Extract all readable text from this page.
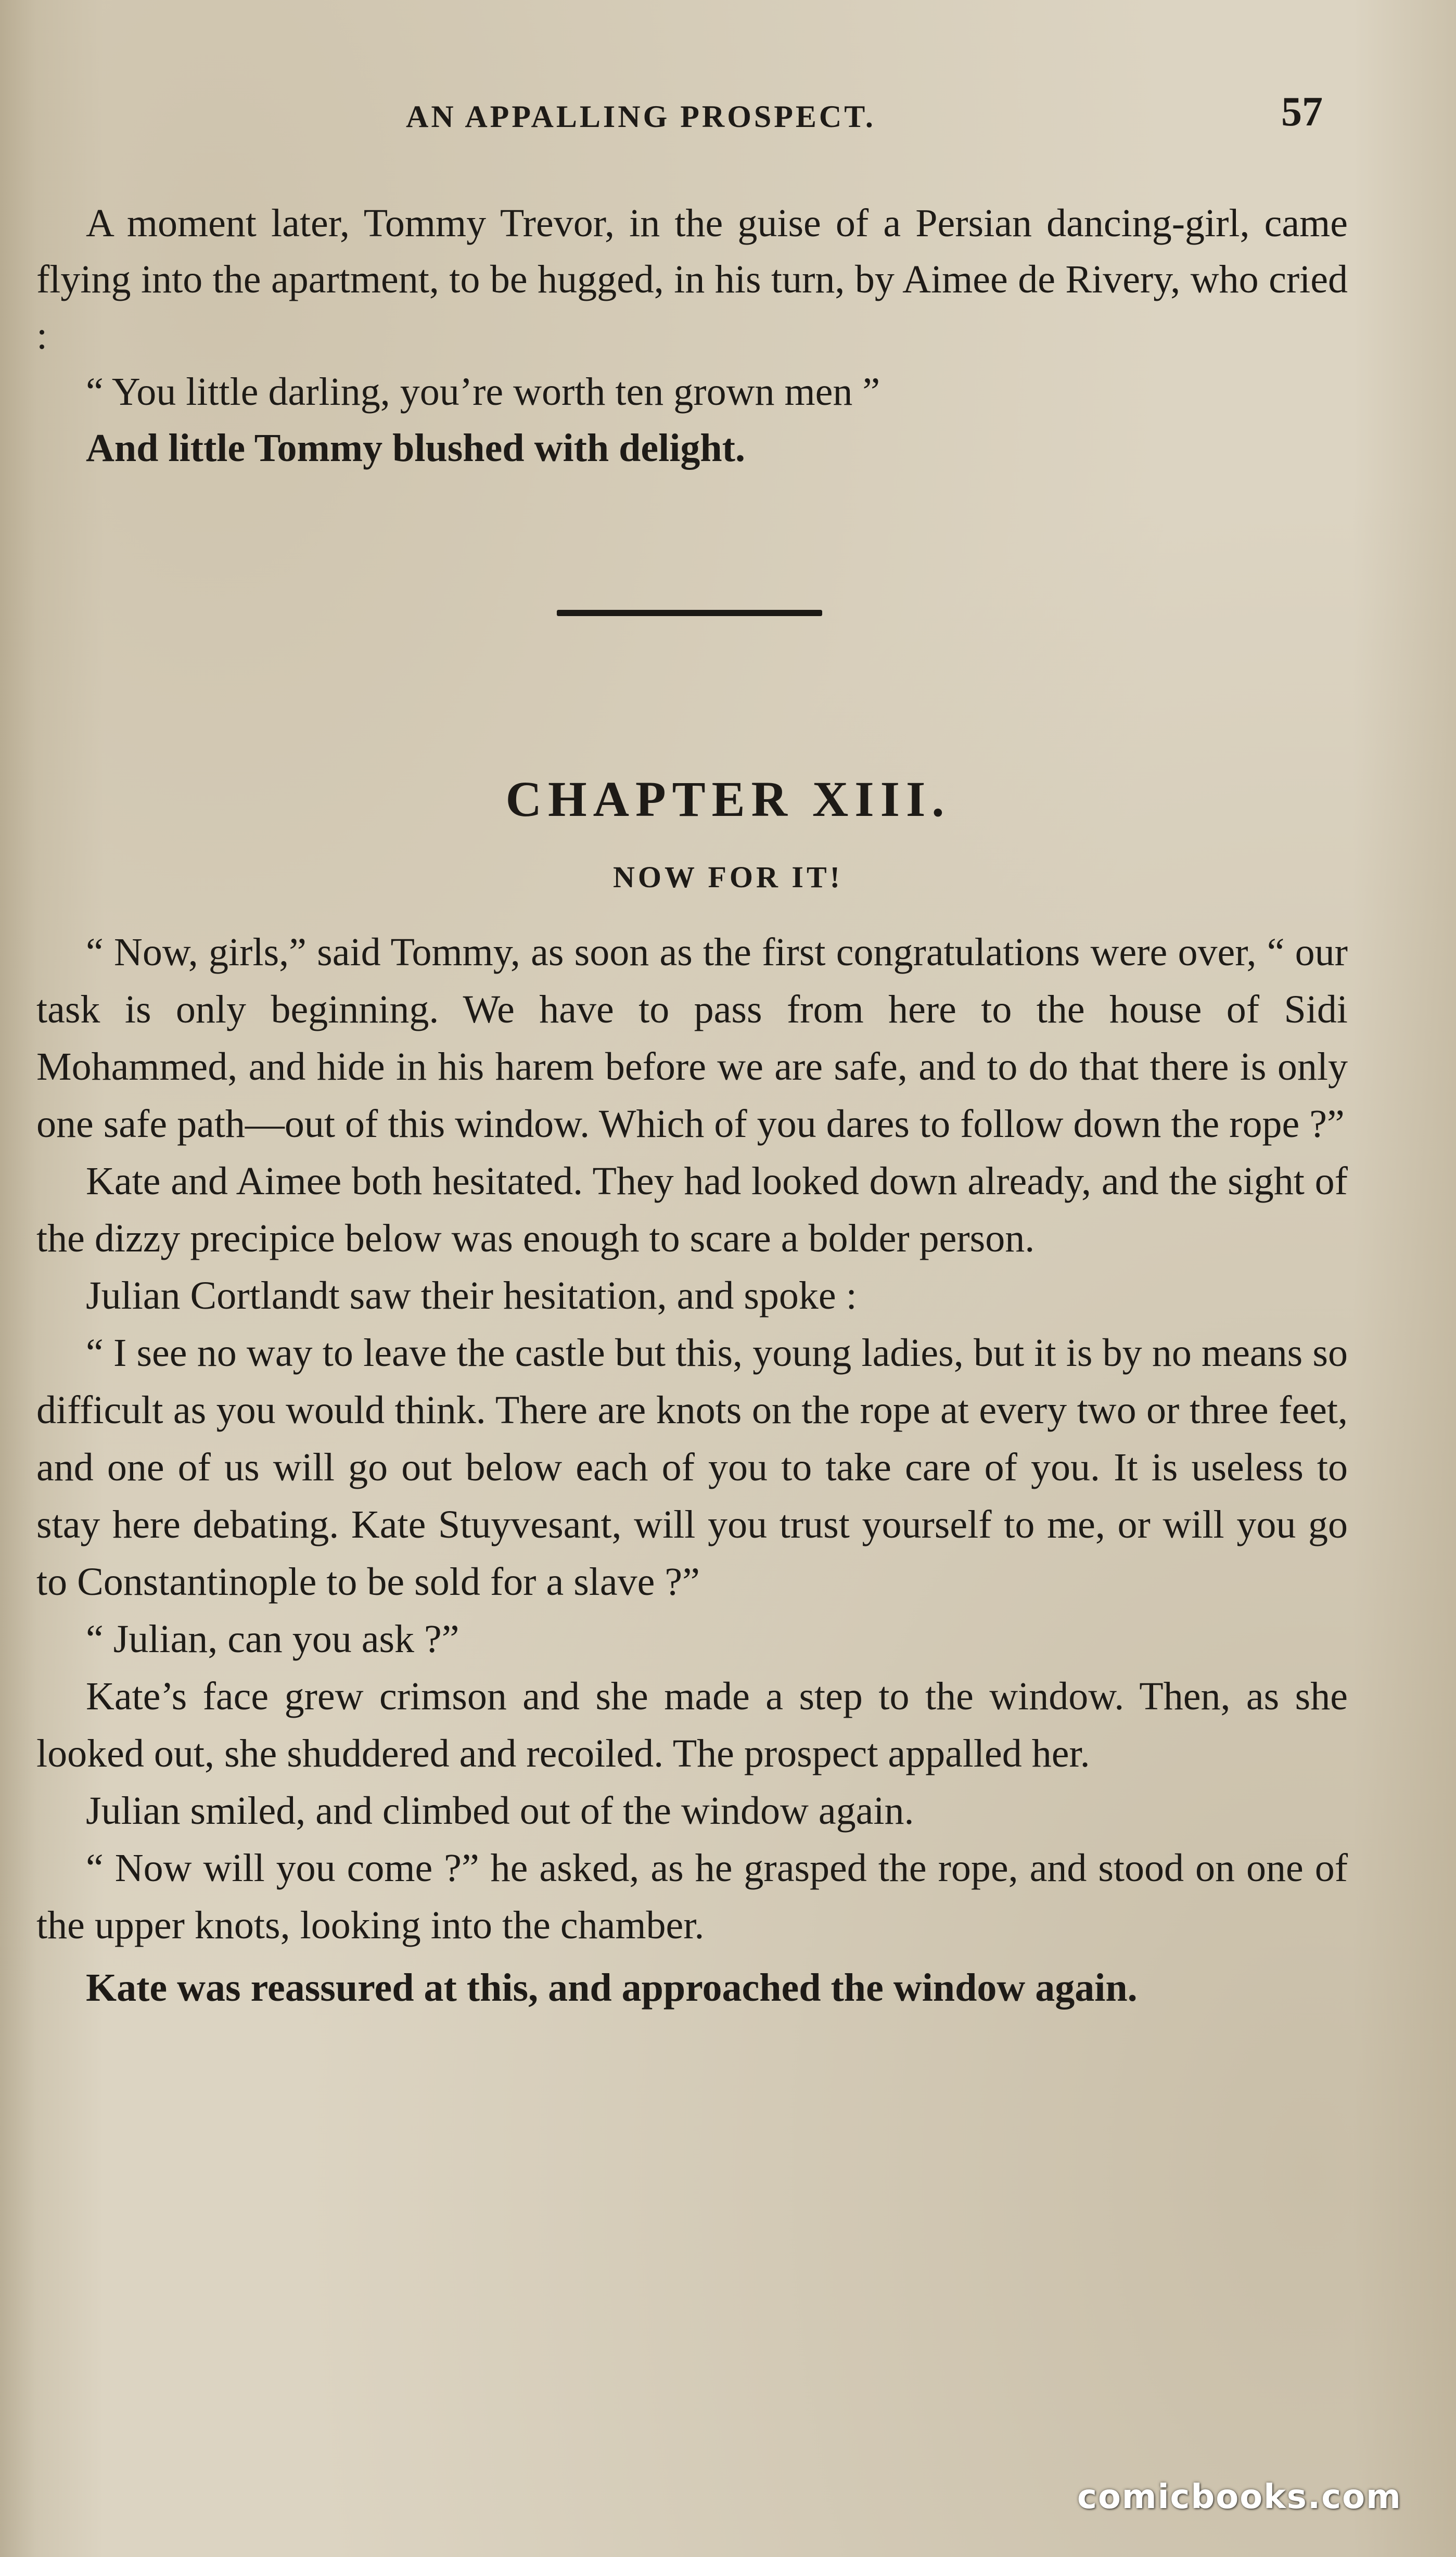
AN APPALLING PROSPECT.	57

A moment later, Tommy Trevor, in the guise of a Persian dancing-girl, came flying into the apartment, to be hugged, in his turn, by Aimee de Rivery, who cried :

“ You little darling, you’re worth ten grown men ”

And little Tommy blushed with delight.

CHAPTER XIII.
NOW FOR IT!

“ Now, girls,” said Tommy, as soon as the first congratulations were over, “ our task is only beginning. We have to pass from here to the house of Sidi Mohammed, and hide in his harem before we are safe, and to do that there is only one safe path—out of this window. Which of you dares to follow down the rope ?”

Kate and Aimee both hesitated. They had looked down already, and the sight of the dizzy precipice below was enough to scare a bolder person.

Julian Cortlandt saw their hesitation, and spoke :

“ I see no way to leave the castle but this, young ladies, but it is by no means so difficult as you would think. There are knots on the rope at every two or three feet, and one of us will go out below each of you to take care of you. It is useless to stay here debating. Kate Stuyvesant, will you trust yourself to me, or will you go to Constantinople to be sold for a slave ?”

“ Julian, can you ask ?”

Kate’s face grew crimson and she made a step to the window. Then, as she looked out, she shuddered and recoiled. The prospect appalled her.

Julian smiled, and climbed out of the window again.

“ Now will you come ?” he asked, as he grasped the rope, and stood on one of the upper knots, looking into the chamber.

Kate was reassured at this, and approached the window again.

comicbooks.com
